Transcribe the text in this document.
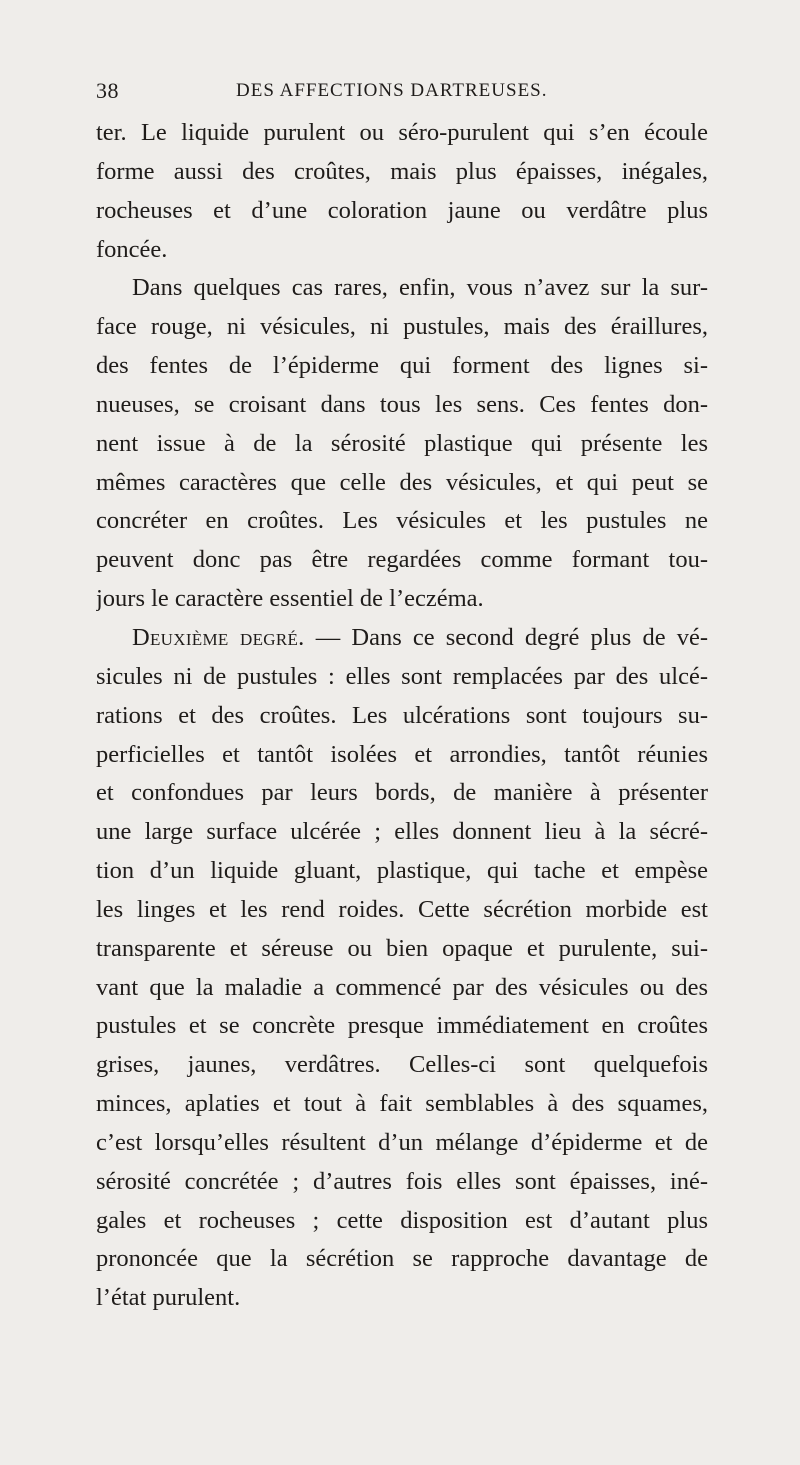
38	DES AFFECTIONS DARTREUSES.
ter. Le liquide purulent ou séro-purulent qui s’en écoule
forme aussi des croûtes, mais plus épaisses, inégales,
rocheuses et d’une coloration jaune ou verdâtre plus
foncée.
Dans quelques cas rares, enfin, vous n’avez sur la sur-
face rouge, ni vésicules, ni pustules, mais des éraillures,
des fentes de l’épiderme qui forment des lignes si-
nueuses, se croisant dans tous les sens. Ces fentes don-
nent issue à de la sérosité plastique qui présente les
mêmes caractères que celle des vésicules, et qui peut se
concréter en croûtes. Les vésicules et les pustules ne
peuvent donc pas être regardées comme formant tou-
jours le caractère essentiel de l’eczéma.
Deuxième degré. — Dans ce second degré plus de vé-
sicules ni de pustules : elles sont remplacées par des ulcé-
rations et des croûtes. Les ulcérations sont toujours su-
perficielles et tantôt isolées et arrondies, tantôt réunies
et confondues par leurs bords, de manière à présenter
une large surface ulcérée ; elles donnent lieu à la sécré-
tion d’un liquide gluant, plastique, qui tache et empèse
les linges et les rend roides. Cette sécrétion morbide est
transparente et séreuse ou bien opaque et purulente, sui-
vant que la maladie a commencé par des vésicules ou des
pustules et se concrète presque immédiatement en croûtes
grises, jaunes, verdâtres. Celles-ci sont quelquefois
minces, aplaties et tout à fait semblables à des squames,
c’est lorsqu’elles résultent d’un mélange d’épiderme et de
sérosité concrétée ; d’autres fois elles sont épaisses, iné-
gales et rocheuses ; cette disposition est d’autant plus
prononcée que la sécrétion se rapproche davantage de
l’état purulent.
